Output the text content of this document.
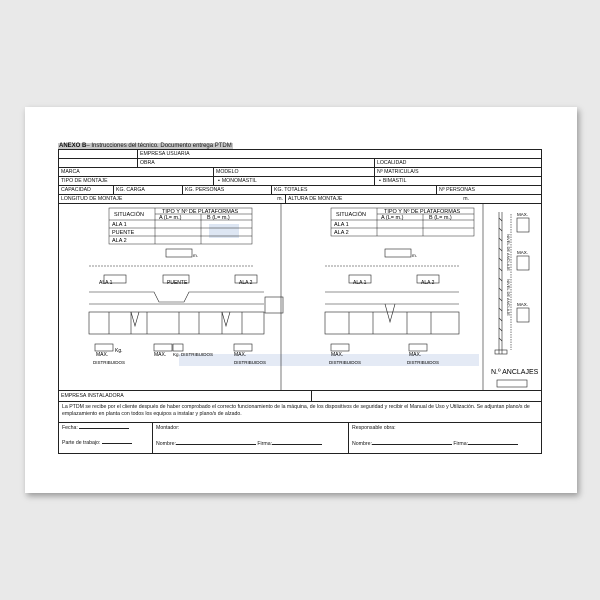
ANEXO B– Instrucciones del técnico. Documento entrega PTDM
EMPRESA USUARIA
OBRA	LOCALIDAD
MARCA	MODELO	Nº MATRICULA/S
TIPO DE MONTAJE	▪ MONOMASTIL	▪ BIMASTIL
CAPACIDAD	KG. CARGA	KG. PERSONAS	KG. TOTALES	Nº PERSONAS
LONGITUD DE MONTAJE	m. ALTURA DE MONTAJE	m.
SITUACIÓN	TIPO Y Nº DE PLATAFORMAS
A (L= m.)	B (L= m.)
ALA 1
PUENTE
ALA 2
SITUACIÓN	TIPO Y Nº DE PLATAFORMAS
A (L= m.)	B (L= m.)
ALA 1
ALA 2
ALA 1	PUENTE	ALA 2
m.
MAX.	MAX.	MAX.
Kg.
DISTRIBUIDOS
Kg. DISTRIBUIDOS
DISTRIBUIDOS
ALA 1	ALA 2
m.
MAX.	MAX.
DISTRIBUIDOS	DISTRIBUIDOS
NIVEL DE ANCLAJE
NIVEL DE ANCLAJE
MAX.
MAX.
MAX.
N.º ANCLAJES
EMPRESA INSTALADORA
La PTDM se recibe por el cliente después de haber comprobado el correcto funcionamiento de la máquina, de los dispositivos de seguridad y recibir el Manual de Uso y Utilización. Se adjuntan plano/s de emplazamiento en planta con todos los equipos a instalar y plano/s de alzado.
Fecha:
Parte de trabajo:
Montador:
Nombre:	Firma:
Responsable obra:
Nombre:	Firma:
